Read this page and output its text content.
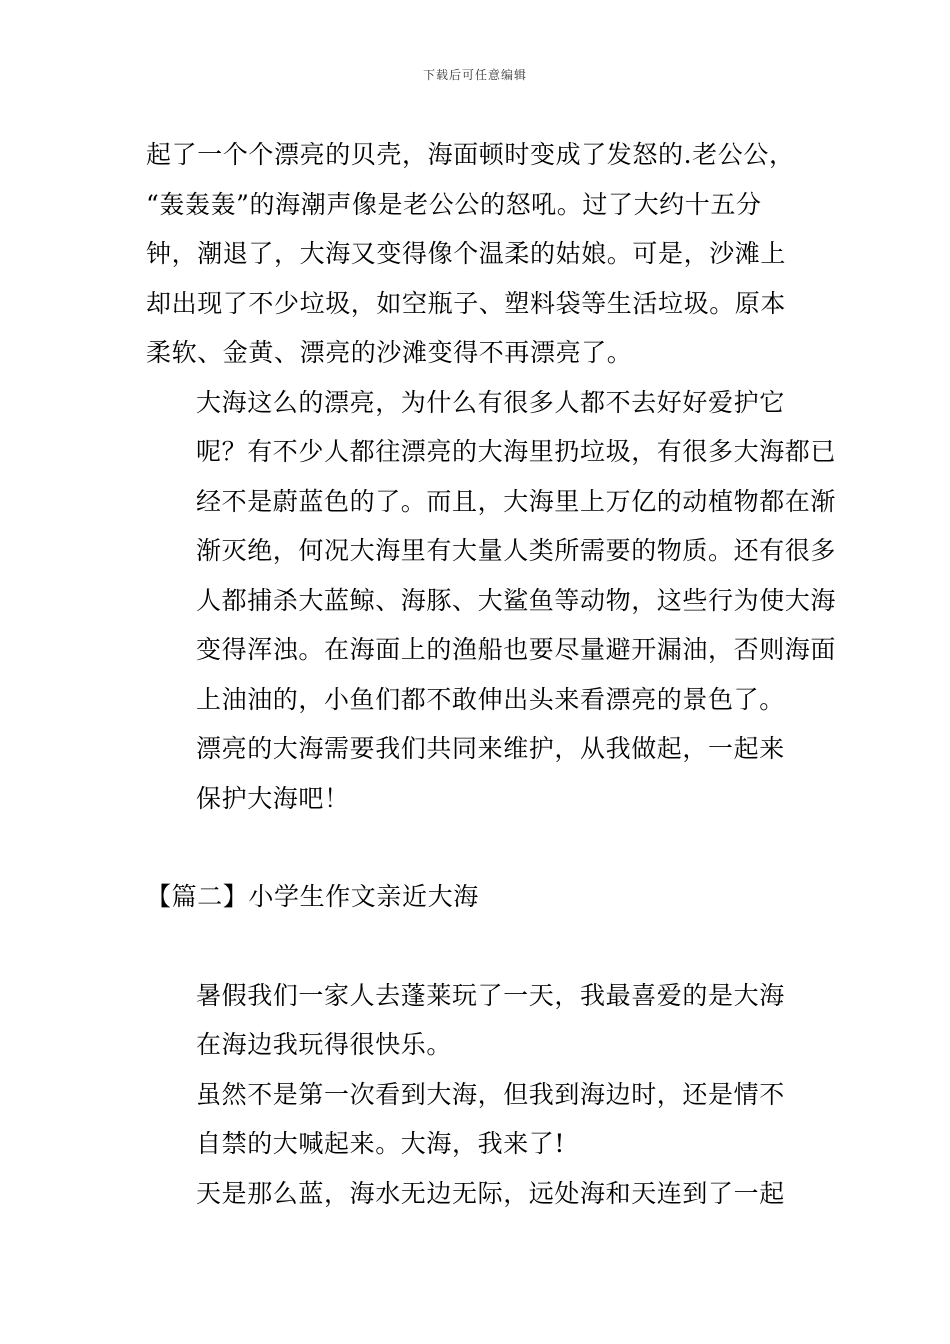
下载后可任意编辑
起了一个个漂亮的贝壳，海面顿时变成了发怒的.老公公，
“轰轰轰”的海潮声像是老公公的怒吼。过了大约十五分
钟，潮退了，大海又变得像个温柔的姑娘。可是，沙滩上
却出现了不少垃圾，如空瓶子、塑料袋等生活垃圾。原本
柔软、金黄、漂亮的沙滩变得不再漂亮了。
大海这么的漂亮，为什么有很多人都不去好好爱护它
呢？有不少人都往漂亮的大海里扔垃圾，有很多大海都已
经不是蔚蓝色的了。而且，大海里上万亿的动植物都在渐
渐灭绝，何况大海里有大量人类所需要的物质。还有很多
人都捕杀大蓝鲸、海豚、大鲨鱼等动物，这些行为使大海
变得浑浊。在海面上的渔船也要尽量避开漏油，否则海面
上油油的，小鱼们都不敢伸出头来看漂亮的景色了。
漂亮的大海需要我们共同来维护，从我做起，一起来
保护大海吧！
【篇二】小学生作文亲近大海
暑假我们一家人去蓬莱玩了一天，我最喜爱的是大海
在海边我玩得很快乐。
虽然不是第一次看到大海，但我到海边时，还是情不
自禁的大喊起来。大海，我来了!
天是那么蓝，海水无边无际，远处海和天连到了一起
